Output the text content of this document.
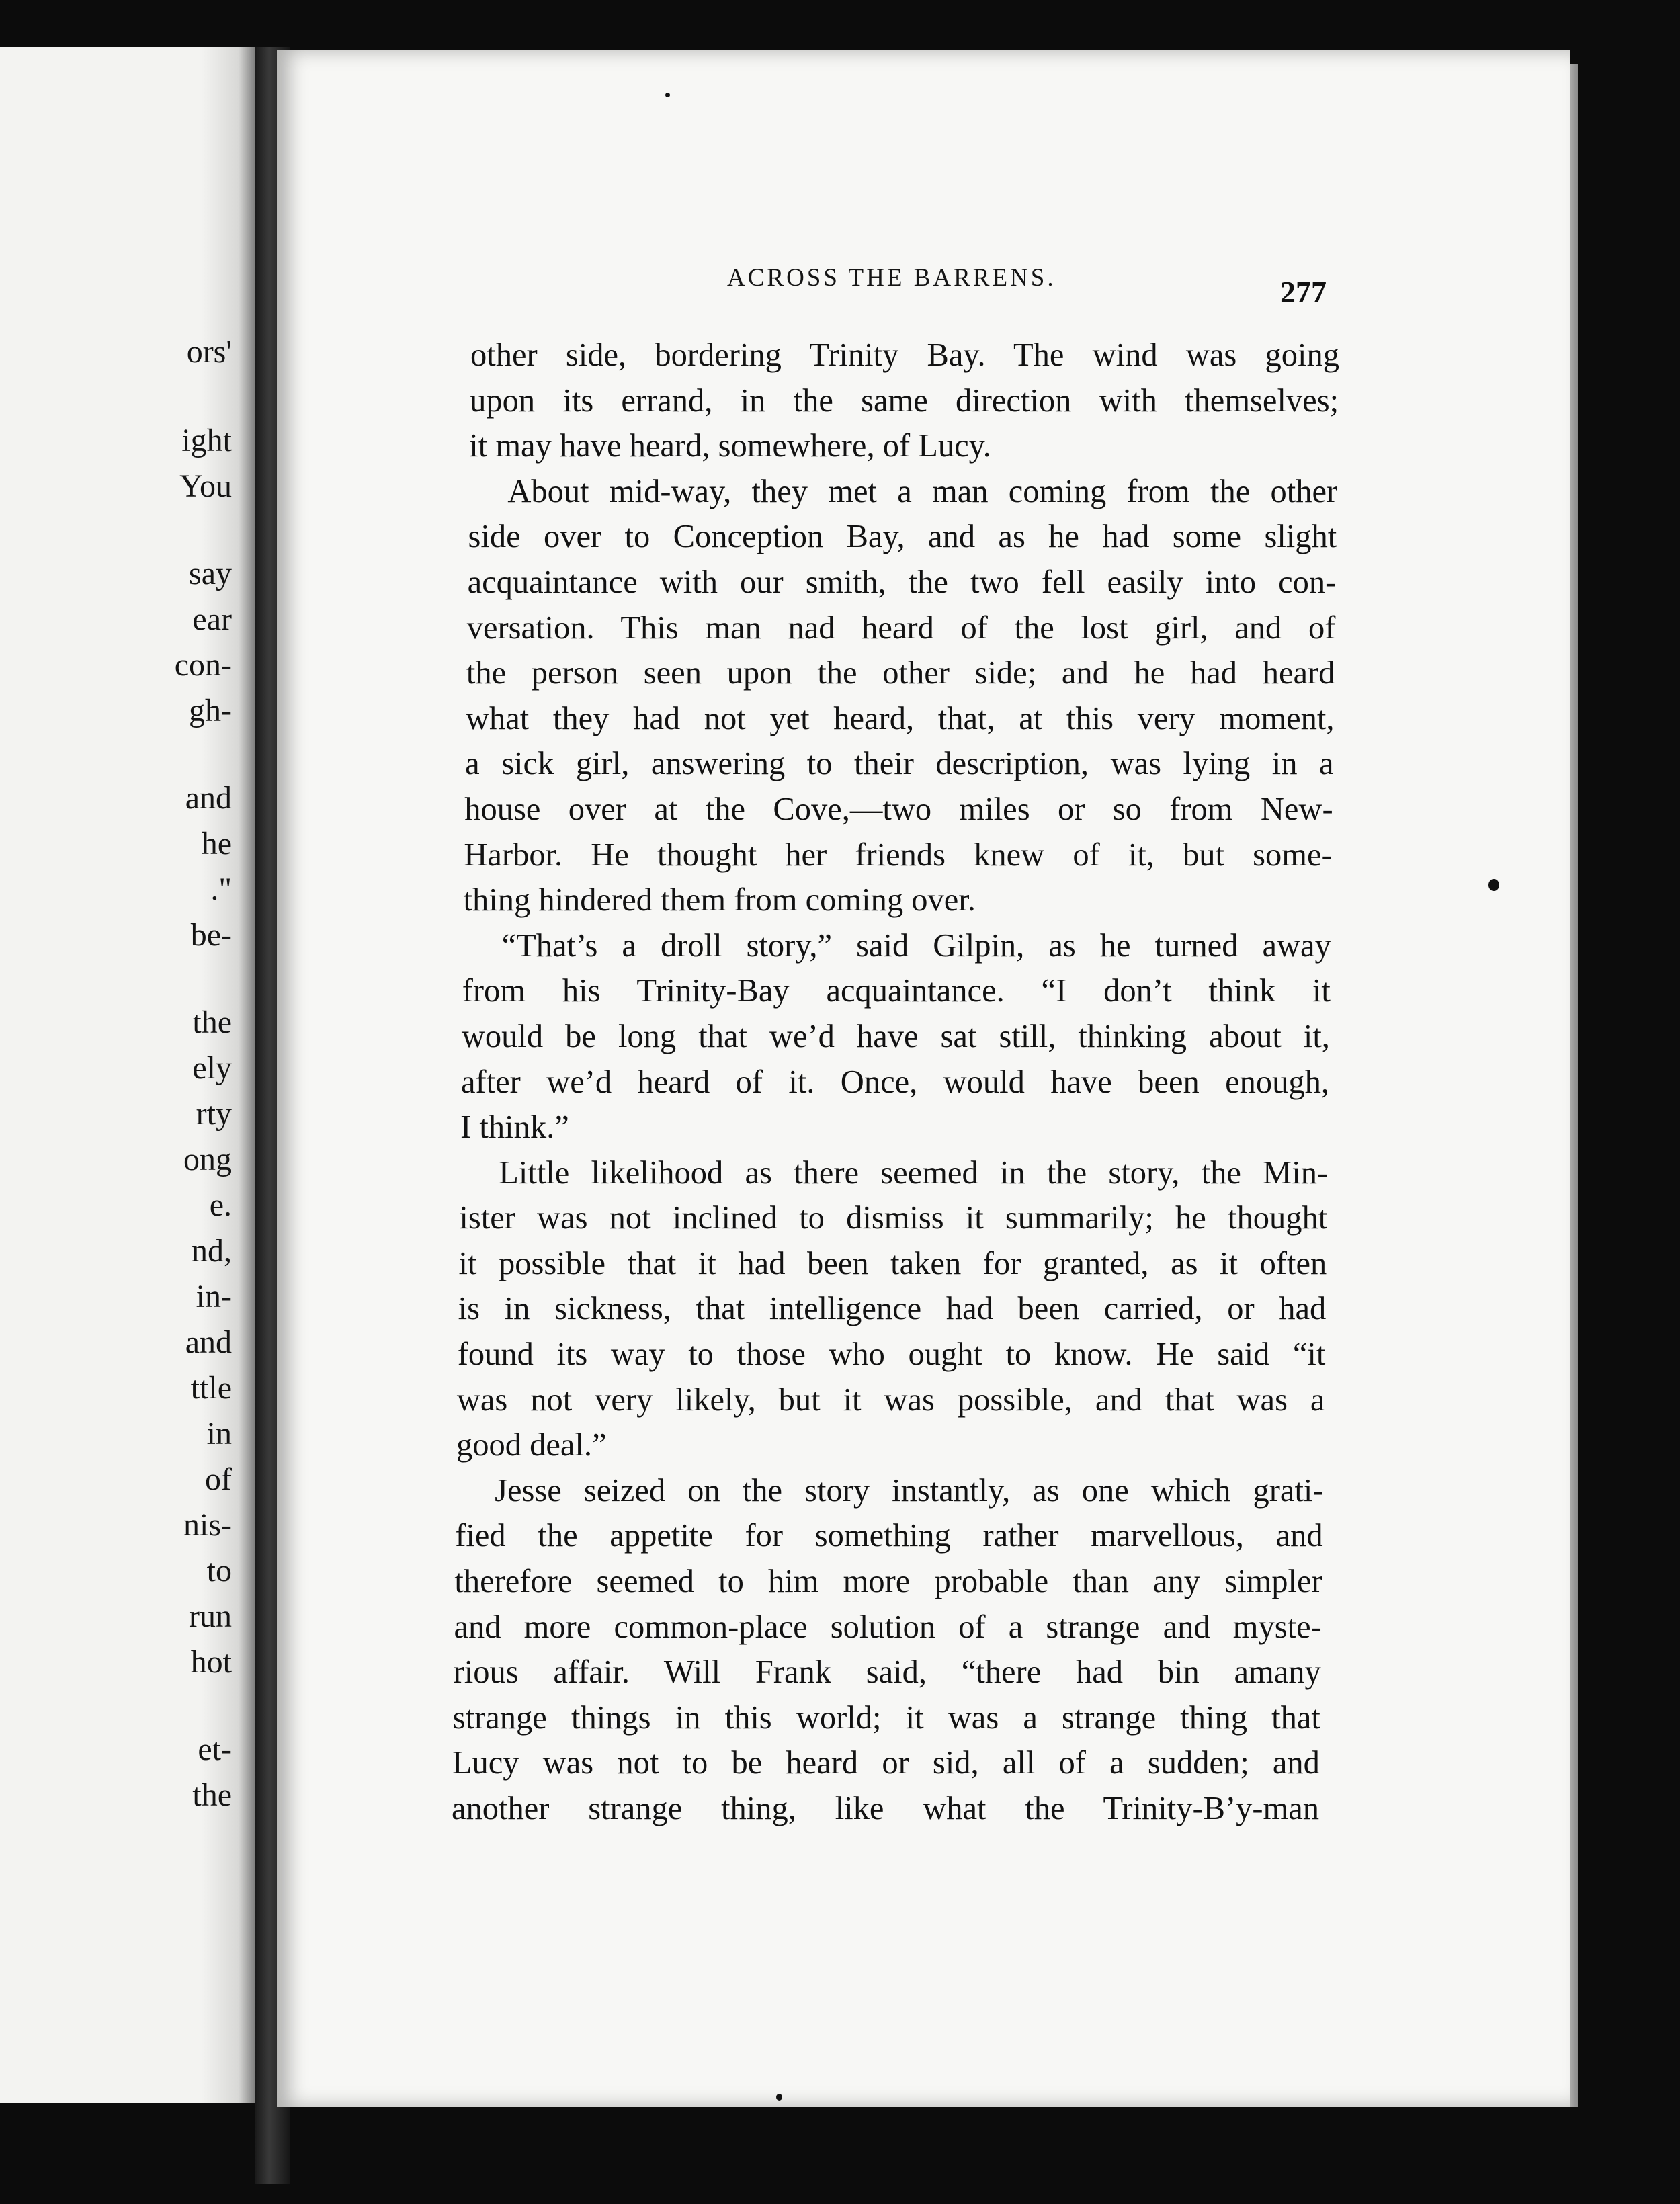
ors'

ight

You

say

ear

con-

gh-

and

he

."

be-

the

ely

rty

ong

e.

nd,

in-

and

ttle

in

of

nis-

to

run

hot

et-

the

ACROSS THE BARRENS.	277

other side, bordering Trinity Bay. The wind was going

upon its errand, in the same direction with themselves;

it may have heard, somewhere, of Lucy.

About mid-way, they met a man coming from the other

side over to Conception Bay, and as he had some slight

acquaintance with our smith, the two fell easily into con-

versation. This man nad heard of the lost girl, and of

the person seen upon the other side; and he had heard

what they had not yet heard, that, at this very moment,

a sick girl, answering to their description, was lying in a

house over at the Cove,—two miles or so from New-

Harbor. He thought her friends knew of it, but some-

thing hindered them from coming over.

“That’s a droll story,” said Gilpin, as he turned away

from his Trinity-Bay acquaintance. “I don’t think it

would be long that we’d have sat still, thinking about it,

after we’d heard of it. Once, would have been enough,

I think.”

Little likelihood as there seemed in the story, the Min-

ister was not inclined to dismiss it summarily; he thought

it possible that it had been taken for granted, as it often

is in sickness, that intelligence had been carried, or had

found its way to those who ought to know. He said “it

was not very likely, but it was possible, and that was a

good deal.”

Jesse seized on the story instantly, as one which grati-

fied the appetite for something rather marvellous, and

therefore seemed to him more probable than any simpler

and more common-place solution of a strange and myste-

rious affair. Will Frank said, “there had bin amany

strange things in this world; it was a strange thing that

Lucy was not to be heard or sid, all of a sudden; and

another strange thing, like what the Trinity-B’y-man
